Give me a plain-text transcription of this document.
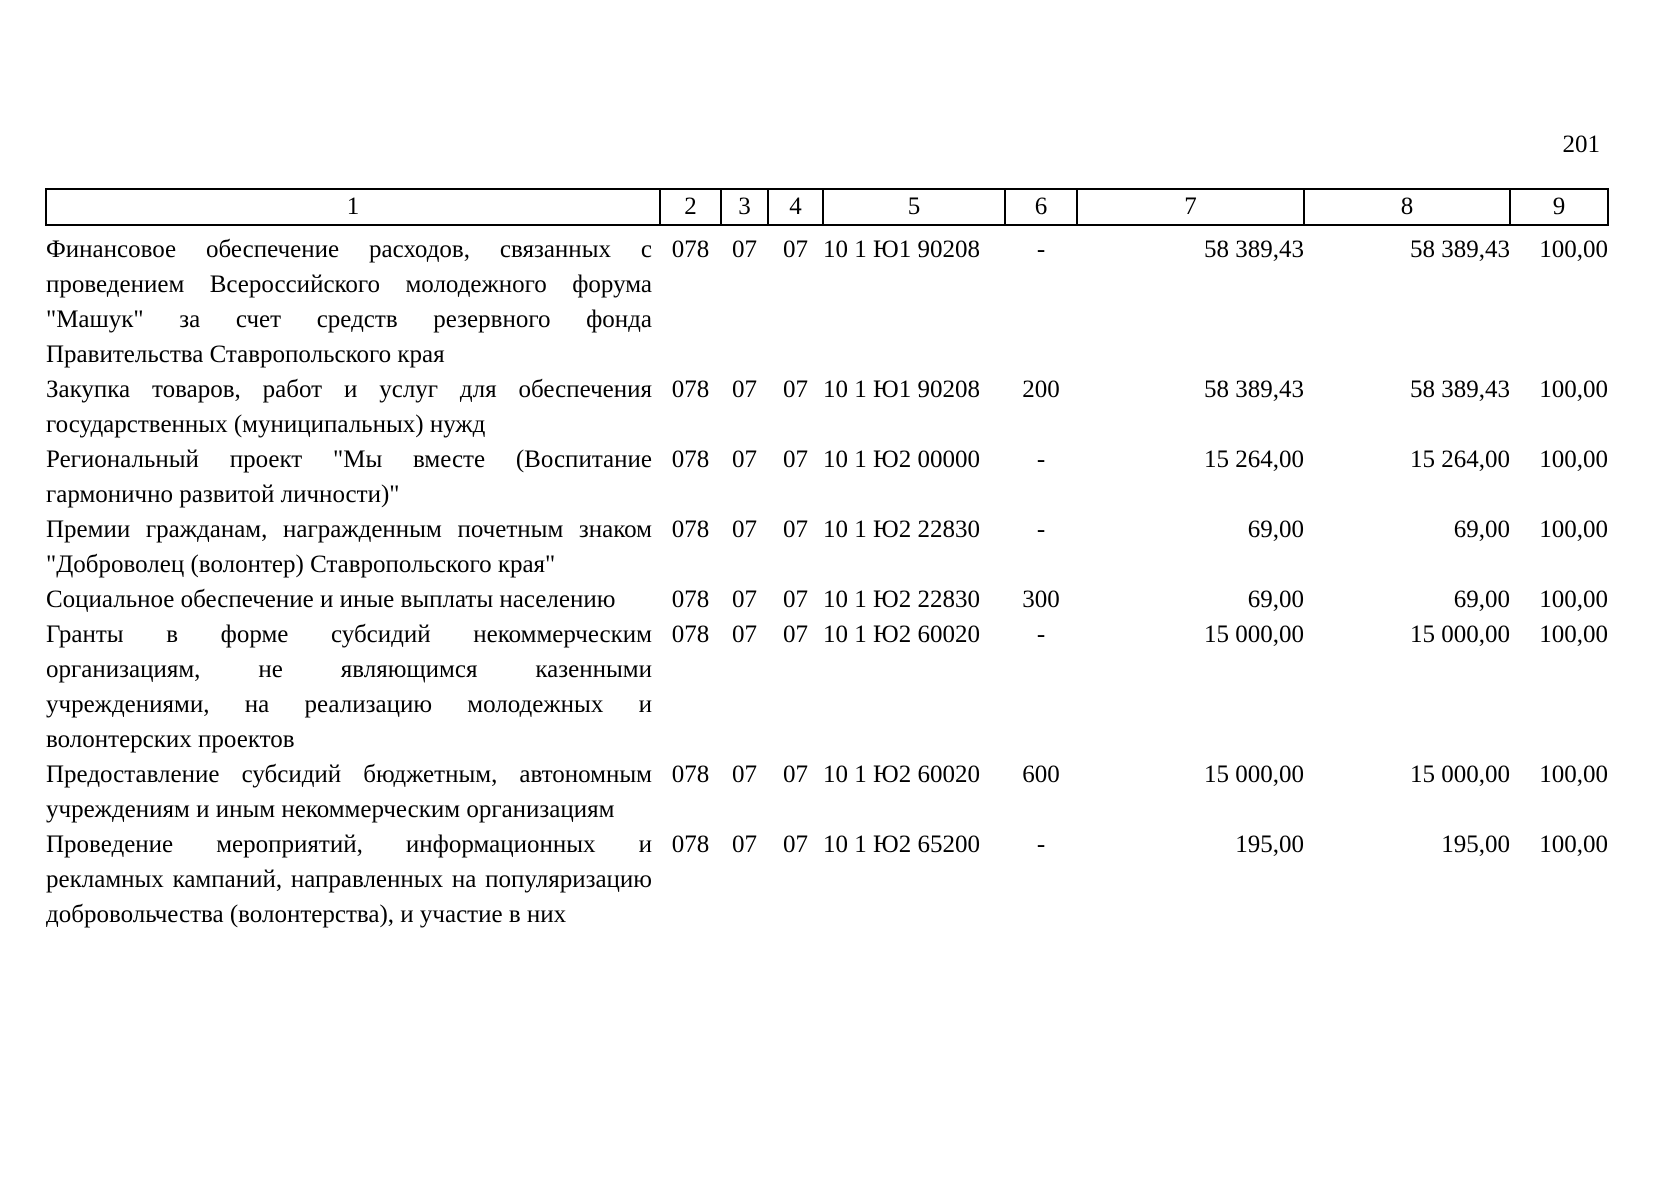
201
1	2	3	4	5	6	7	8	9
Финансовое обеспечение расходов, связанных с проведением Всероссийского молодежного форума "Машук" за счет средств резервного фонда Правительства Ставропольского края	078	07	07	10 1 Ю1 90208	-	58 389,43	58 389,43	100,00
Закупка товаров, работ и услуг для обеспечения государственных (муниципальных) нужд	078	07	07	10 1 Ю1 90208	200	58 389,43	58 389,43	100,00
Региональный проект "Мы вместе (Воспитание гармонично развитой личности)"	078	07	07	10 1 Ю2 00000	-	15 264,00	15 264,00	100,00
Премии гражданам, награжденным почетным знаком "Доброволец (волонтер) Ставропольского края"	078	07	07	10 1 Ю2 22830	-	69,00	69,00	100,00
Социальное обеспечение и иные выплаты населению	078	07	07	10 1 Ю2 22830	300	69,00	69,00	100,00
Гранты в форме субсидий некоммерческим организациям, не являющимся казенными учреждениями, на реализацию молодежных и волонтерских проектов	078	07	07	10 1 Ю2 60020	-	15 000,00	15 000,00	100,00
Предоставление субсидий бюджетным, автономным учреждениям и иным некоммерческим организациям	078	07	07	10 1 Ю2 60020	600	15 000,00	15 000,00	100,00
Проведение мероприятий, информационных и рекламных кампаний, направленных на популяризацию добровольчества (волонтерства), и участие в них	078	07	07	10 1 Ю2 65200	-	195,00	195,00	100,00
